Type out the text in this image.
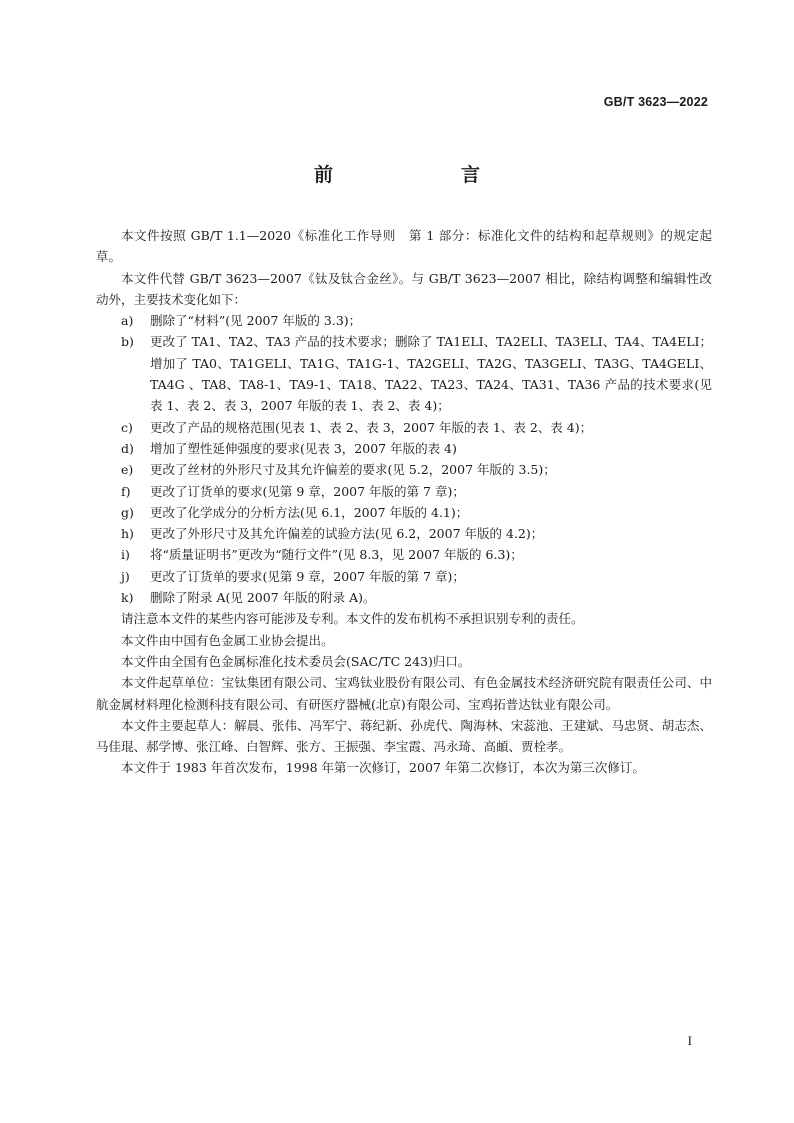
GB/T 3623—2022
前　　言

本文件按照 GB/T 1.1—2020《标准化工作导则　第 1 部分：标准化文件的结构和起草规则》的规定起草。

本文件代替 GB/T 3623—2007《钛及钛合金丝》。与 GB/T 3623—2007 相比，除结构调整和编辑性改动外，主要技术变化如下：

a) 删除了“材料”(见 2007 年版的 3.3)；

b) 更改了 TA1、TA2、TA3 产品的技术要求；删除了 TA1ELI、TA2ELI、TA3ELI、TA4、TA4ELI；增加了 TA0、TA1GELI、TA1G、TA1G-1、TA2GELI、TA2G、TA3GELI、TA3G、TA4GELI、TA4G 、TA8、TA8-1、TA9-1、TA18、TA22、TA23、TA24、TA31、TA36 产品的技术要求(见表 1、表 2、表 3，2007 年版的表 1、表 2、表 4)；

c) 更改了产品的规格范围(见表 1、表 2、表 3，2007 年版的表 1、表 2、表 4)；

d) 增加了塑性延伸强度的要求(见表 3，2007 年版的表 4)

e) 更改了丝材的外形尺寸及其允许偏差的要求(见 5.2，2007 年版的 3.5)；

f) 更改了订货单的要求(见第 9 章，2007 年版的第 7 章)；

g) 更改了化学成分的分析方法(见 6.1，2007 年版的 4.1)；

h) 更改了外形尺寸及其允许偏差的试验方法(见 6.2，2007 年版的 4.2)；

i) 将“质量证明书”更改为“随行文件”(见 8.3，见 2007 年版的 6.3)；

j) 更改了订货单的要求(见第 9 章，2007 年版的第 7 章)；

k) 删除了附录 A(见 2007 年版的附录 A)。

请注意本文件的某些内容可能涉及专利。本文件的发布机构不承担识别专利的责任。

本文件由中国有色金属工业协会提出。

本文件由全国有色金属标准化技术委员会(SAC/TC 243)归口。

本文件起草单位：宝钛集团有限公司、宝鸡钛业股份有限公司、有色金属技术经济研究院有限责任公司、中航金属材料理化检测科技有限公司、有研医疗器械(北京)有限公司、宝鸡拓普达钛业有限公司。

本文件主要起草人：解晨、张伟、冯军宁、蒋纪新、孙虎代、陶海林、宋蕊池、王建斌、马忠贤、胡志杰、马佳琨、郝学博、张江峰、白智辉、张方、王振强、李宝霞、冯永琦、高頔、贾栓孝。

本文件于 1983 年首次发布，1998 年第一次修订，2007 年第二次修订，本次为第三次修订。

I
